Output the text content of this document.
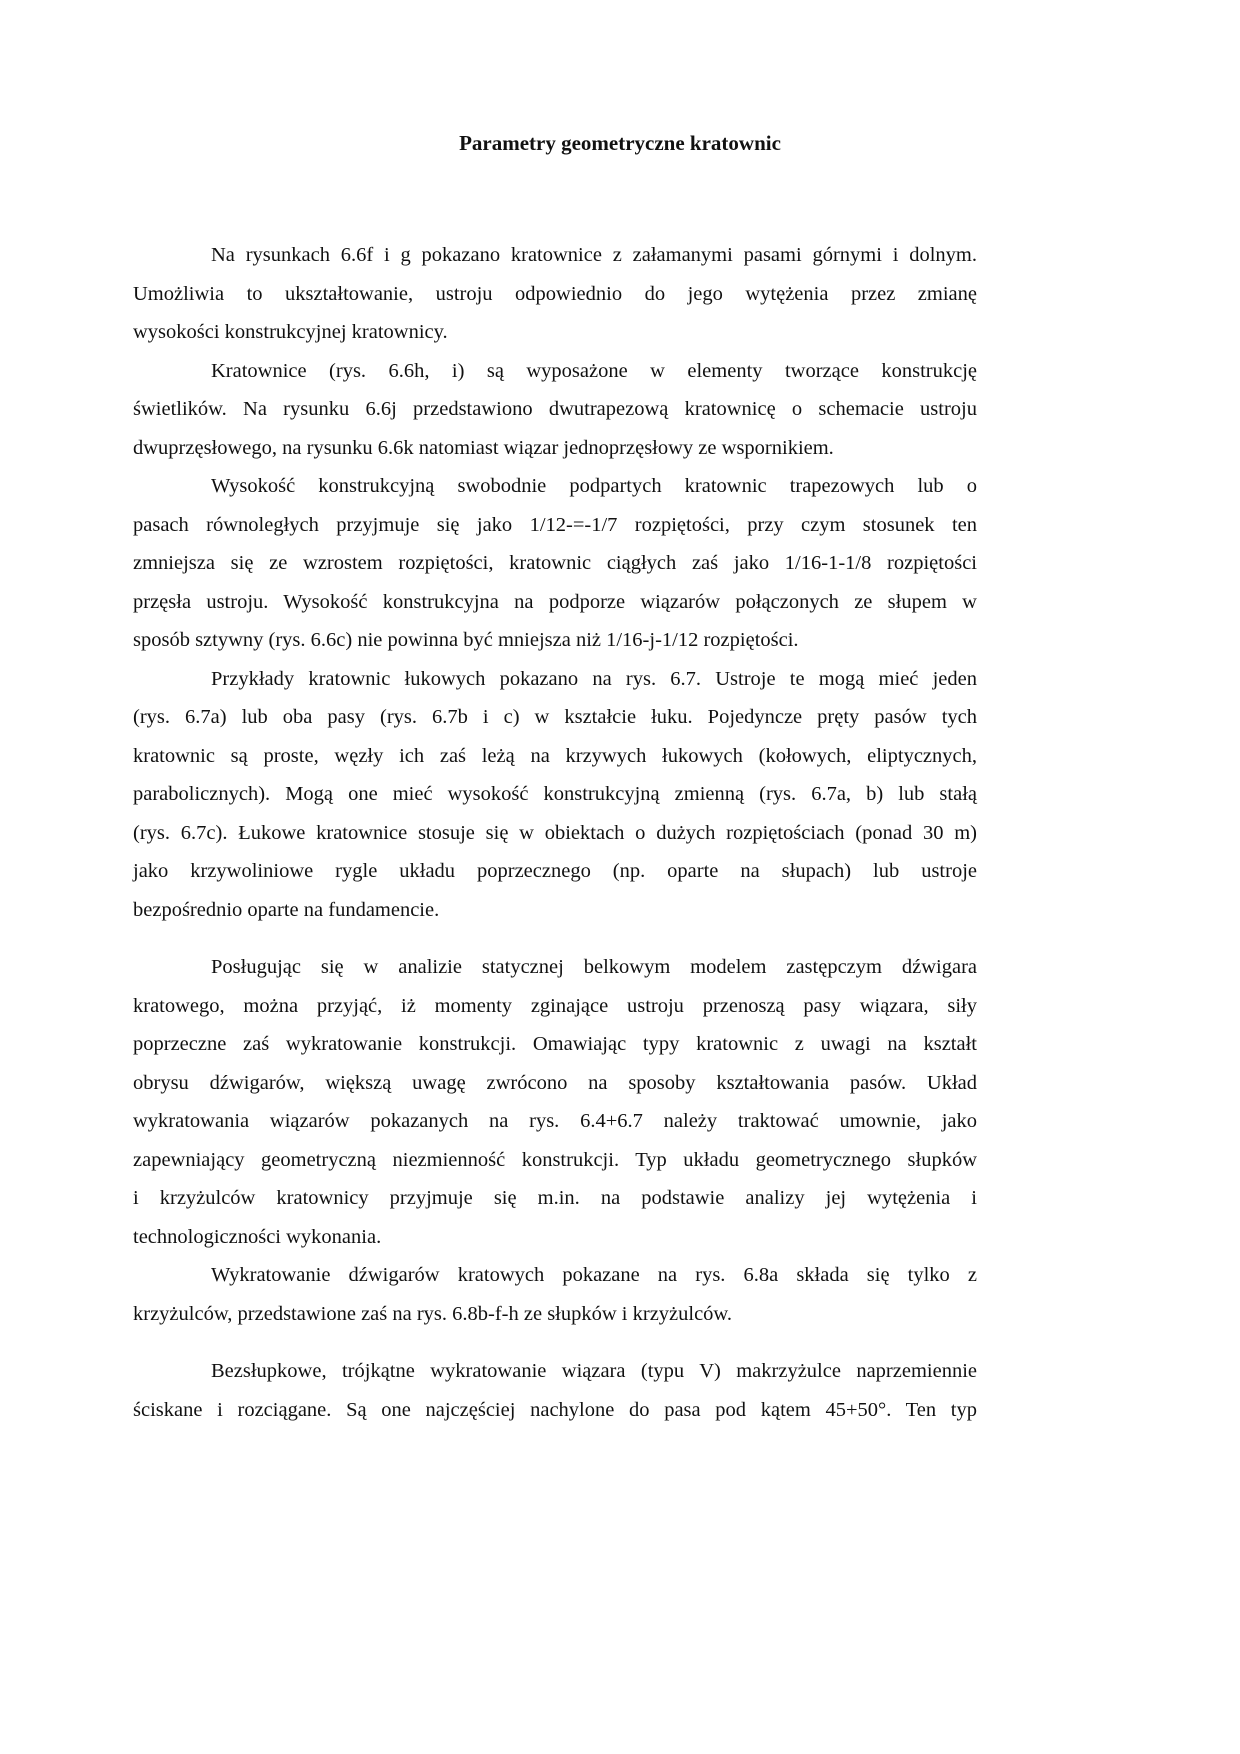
Parametry geometryczne kratownic
Na rysunkach 6.6f i g pokazano kratownice z załamanymi pasami górnymi i dolnym.
Umożliwia to ukształtowanie, ustroju odpowiednio do jego wytężenia przez zmianę
wysokości konstrukcyjnej kratownicy.
Kratownice (rys. 6.6h, i) są wyposażone w elementy tworzące konstrukcję
świetlików. Na rysunku 6.6j przedstawiono dwutrapezową kratownicę o schemacie ustroju
dwuprzęsłowego, na rysunku 6.6k natomiast wiązar jednoprzęsłowy ze wspornikiem.
Wysokość konstrukcyjną swobodnie podpartych kratownic trapezowych lub o
pasach równoległych przyjmuje się jako 1/12-=-1/7 rozpiętości, przy czym stosunek ten
zmniejsza się ze wzrostem rozpiętości, kratownic ciągłych zaś jako 1/16-1-1/8 rozpiętości
przęsła ustroju. Wysokość konstrukcyjna na podporze wiązarów połączonych ze słupem w
sposób sztywny (rys. 6.6c) nie powinna być mniejsza niż 1/16-j-1/12 rozpiętości.
Przykłady kratownic łukowych pokazano na rys. 6.7. Ustroje te mogą mieć jeden
(rys. 6.7a) lub oba pasy (rys. 6.7b i c) w kształcie łuku. Pojedyncze pręty pasów tych
kratownic są proste, węzły ich zaś leżą na krzywych łukowych (kołowych, eliptycznych,
parabolicznych). Mogą one mieć wysokość konstrukcyjną zmienną (rys. 6.7a, b) lub stałą
(rys. 6.7c). Łukowe kratownice stosuje się w obiektach o dużych rozpiętościach (ponad 30 m)
jako krzywoliniowe rygle układu poprzecznego (np. oparte na słupach) lub ustroje
bezpośrednio oparte na fundamencie.
Posługując się w analizie statycznej belkowym modelem zastępczym dźwigara
kratowego, można przyjąć, iż momenty zginające ustroju przenoszą pasy wiązara, siły
poprzeczne zaś wykratowanie konstrukcji. Omawiając typy kratownic z uwagi na kształt
obrysu dźwigarów, większą uwagę zwrócono na sposoby kształtowania pasów. Układ
wykratowania wiązarów pokazanych na rys. 6.4+6.7 należy traktować umownie, jako
zapewniający geometryczną niezmienność konstrukcji. Typ układu geometrycznego słupków
i krzyżulców kratownicy przyjmuje się m.in. na podstawie analizy jej wytężenia i
technologiczności wykonania.
Wykratowanie dźwigarów kratowych pokazane na rys. 6.8a składa się tylko z
krzyżulców, przedstawione zaś na rys. 6.8b-f-h ze słupków i krzyżulców.
Bezsłupkowe, trójkątne wykratowanie wiązara (typu V) makrzyżulce naprzemiennie
ściskane i rozciągane. Są one najczęściej nachylone do pasa pod kątem 45+50°. Ten typ
